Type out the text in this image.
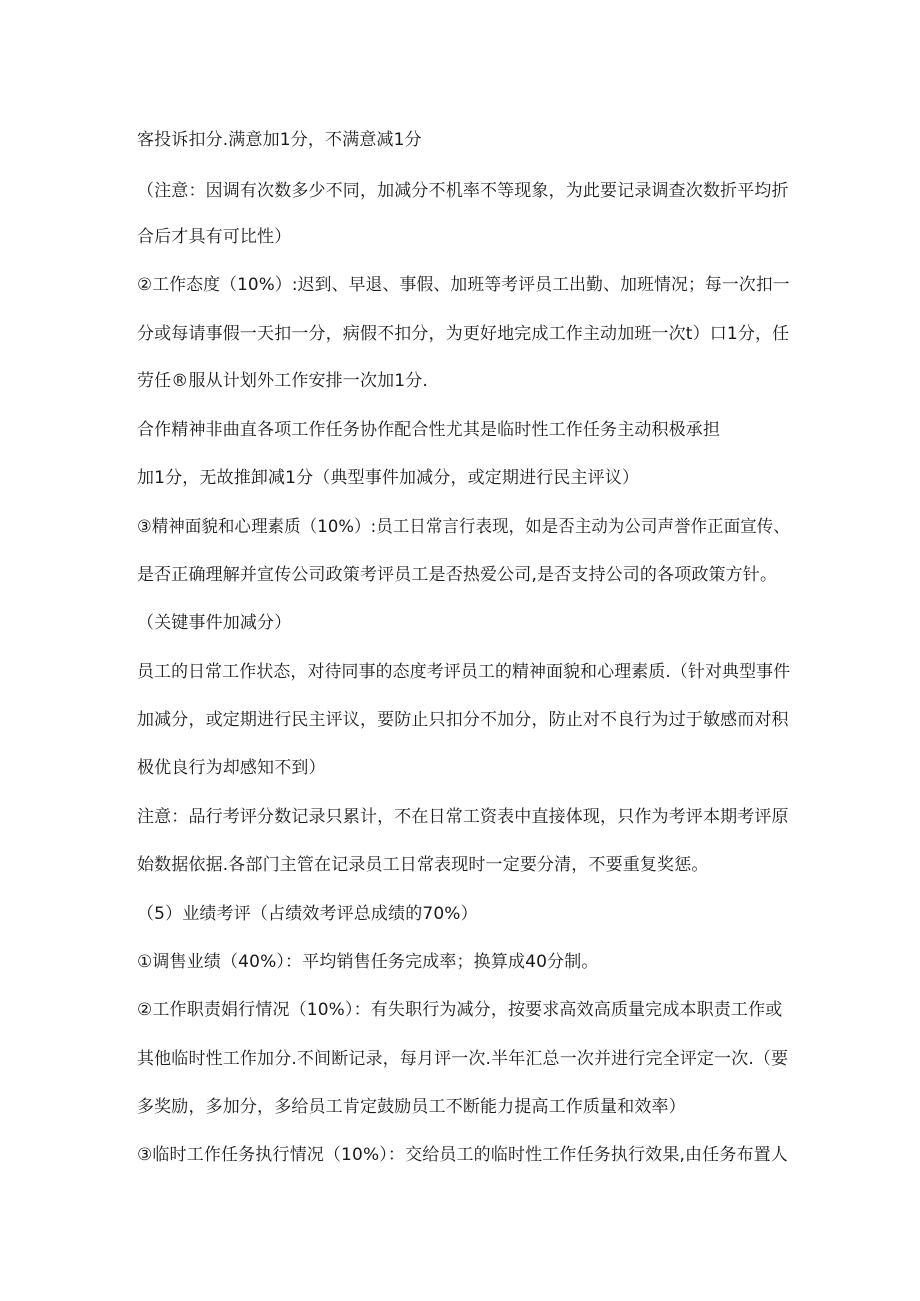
客投诉扣分.满意加1分，不满意减1分
（注意：因调有次数多少不同，加减分不机率不等现象，为此要记录调查次数折平均折
合后才具有可比性）
②工作态度（10%）:迟到、早退、事假、加班等考评员工出勤、加班情况；每一次扣一
分或每请事假一天扣一分，病假不扣分，为更好地完成工作主动加班一次t）口1分，任
劳任®服从计划外工作安排一次加1分.
合作精神非曲直各项工作任务协作配合性尤其是临时性工作任务主动积极承担
加1分，无故推卸减1分（典型事件加减分，或定期进行民主评议）
③精神面貌和心理素质（10%）:员工日常言行表现，如是否主动为公司声誉作正面宣传、
是否正确理解并宣传公司政策考评员工是否热爱公司,是否支持公司的各项政策方针。
（关键事件加减分）
员工的日常工作状态，对待同事的态度考评员工的精神面貌和心理素质.（针对典型事件
加减分，或定期进行民主评议，要防止只扣分不加分，防止对不良行为过于敏感而对积
极优良行为却感知不到）
注意：品行考评分数记录只累计，不在日常工资表中直接体现，只作为考评本期考评原
始数据依据.各部门主管在记录员工日常表现时一定要分清，不要重复奖惩。
（5）业绩考评（占绩效考评总成绩的70%）
①调售业绩（40%）：平均销售任务完成率；换算成40分制。
②工作职责娟行情况（10%）：有失职行为减分，按要求高效高质量完成本职责工作或
其他临时性工作加分.不间断记录，每月评一次.半年汇总一次并进行完全评定一次.（要
多奖励，多加分，多给员工肯定鼓励员工不断能力提高工作质量和效率）
③临时工作任务执行情况（10%）：交给员工的临时性工作任务执行效果,由任务布置人
